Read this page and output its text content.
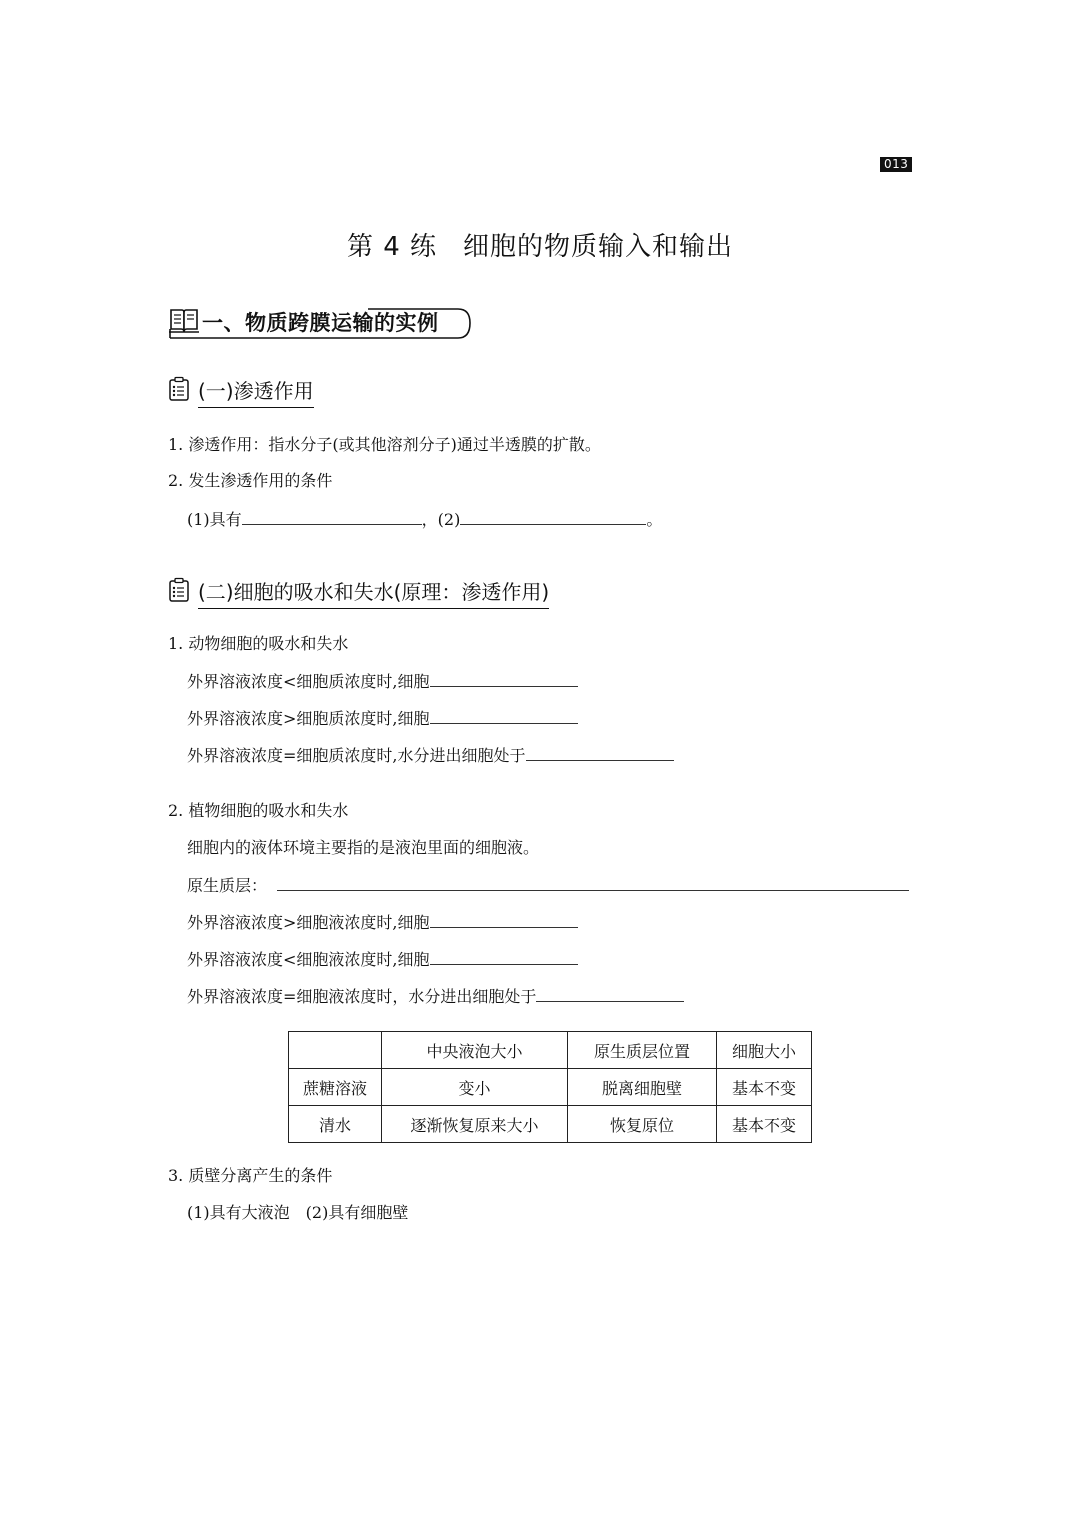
013
第 4 练 细胞的物质输入和输出
一、物质跨膜运输的实例
(一)渗透作用
1. 渗透作用：指水分子(或其他溶剂分子)通过半透膜的扩散。
2. 发生渗透作用的条件
(1)具有	，(2)	。
(二)细胞的吸水和失水(原理：渗透作用)
1. 动物细胞的吸水和失水
外界溶液浓度<细胞质浓度时,细胞
外界溶液浓度>细胞质浓度时,细胞
外界溶液浓度=细胞质浓度时,水分进出细胞处于
2. 植物细胞的吸水和失水
细胞内的液体环境主要指的是液泡里面的细胞液。
原生质层：
外界溶液浓度>细胞液浓度时,细胞
外界溶液浓度<细胞液浓度时,细胞
外界溶液浓度=细胞液浓度时，水分进出细胞处于
	中央液泡大小	原生质层位置	细胞大小
蔗糖溶液	变小	脱离细胞壁	基本不变
清水	逐渐恢复原来大小	恢复原位	基本不变
3. 质壁分离产生的条件
(1)具有大液泡　(2)具有细胞壁
